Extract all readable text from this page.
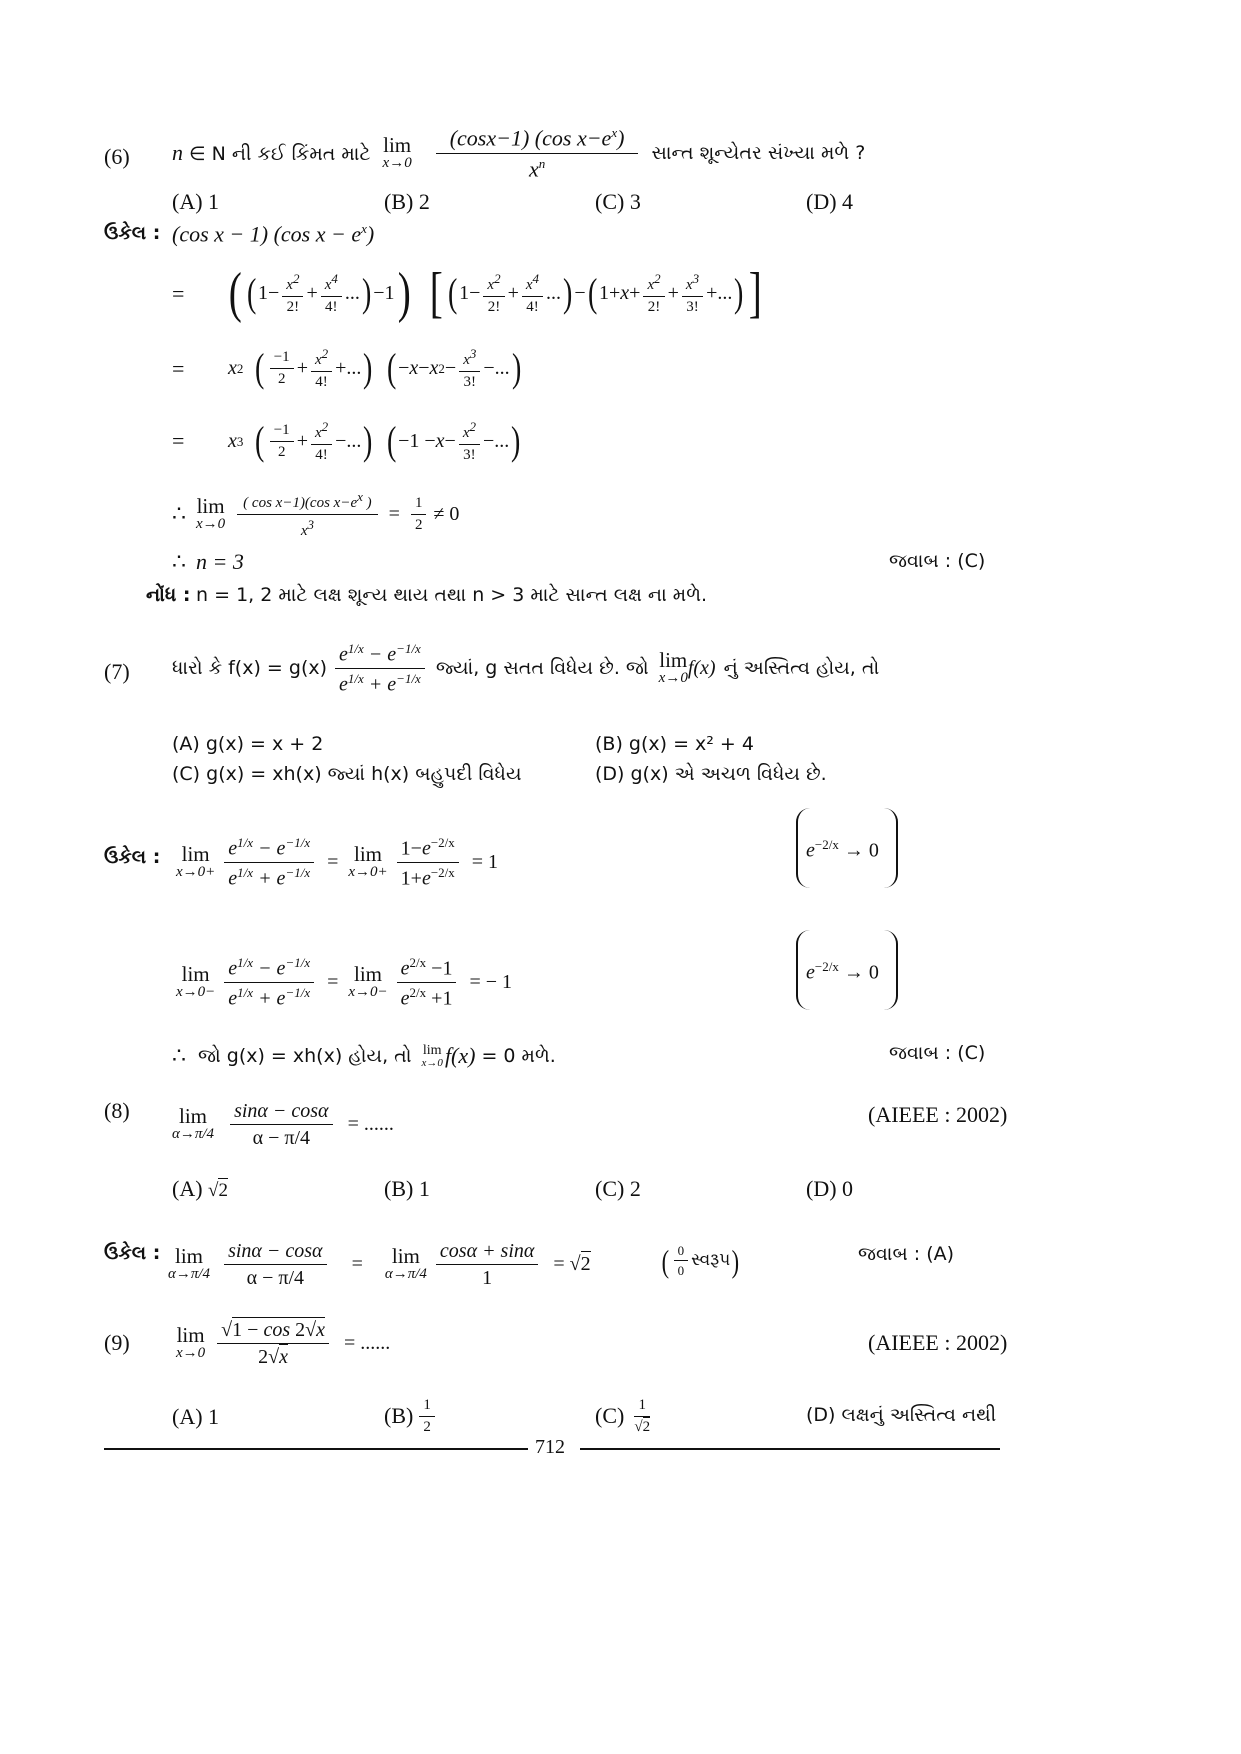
(6) n ∈ N ની કઈ કિંમત માટે lim
$x\to 0 \frac{(\cos x-1) (\cos x-e^x)}{x^n}$ સાન્ત શૂન્યેતર સંખ્યા મળે ?
(A) 1	(B) 2	(C) 3	(D) 4
ઉકેલ : (cos x − 1) (cos $x - e^x$)
= ( ( $1- \frac{x^2}{2!} + \frac{x^4}{4!}$ ... ) −1 ) [ ( $1- \frac{x^2}{2!} + \frac{x^4}{4!}$ ... ) − ( $1+ x + \frac{x^2}{2!} + \frac{x^3}{3!}$ +... ) ]
= x 2 ( $\frac{-1}{2} + \frac{x^2}{4!}$ +... ) ( − x − x $2 - \frac{x^3}{3!}$ −... )
= x 3 ( $\frac{-1}{2} + \frac{x^2}{4!}$ −... ) ( $-1 - x - \frac{x^2}{3!}$ −... )
∴ lim
$x\to 0 \frac{( \cos x-1)(\cos x-e^x )}{x^3} = \frac{1}{2} \ne 0$
∴ n = 3	જવાબ : (C)
નોંધ : n = 1, 2 માટે લક્ષ શૂન્ય થાય તથા n > 3 માટે સાન્ત લક્ષ ના મળે.
(7) ધારો કે $f(x) = g(x) \frac{e^{1/x} - e^{-1/x}}{e^{1/x} + e^{-1/x}}$ જ્યાં, g સતત વિધેય છે. જો lim
x→0 f(x) નું અસ્તિત્વ હોય, તો
(A) g(x) = x + 2	(B) g(x) = x² + 4
(C) g(x) = xh(x) જ્યાં h(x) બહુપદી વિધેય	(D) g(x) એ અચળ વિધેય છે.
ઉકેલ : lim
$x\to 0+ \frac{e^{1/x} - e^{-1/x}}{e^{1/x} + e^{-1/x}} = \lim$
$x\to 0+ \frac{1-e^{-2/x}}{1+e^{-2/x}} = 1$
$e^{-2/x} \to 0$
lim
$x\to 0- \frac{e^{1/x} - e^{-1/x}}{e^{1/x} + e^{-1/x}} = \lim$
$x\to 0- \frac{e^{2/x} -1}{e^{2/x} +1}$ = − 1	$e^{-2/x} \to 0$
∴ જો g(x) = xh(x) હોય, તો lim
x→0 f(x) = 0 મળે.	જવાબ : (C)
(8) lim
$\alpha\to\pi/4 \frac{\sin\alpha - \cos\alpha}{\alpha - \pi/4}$ = ......	(AIEEE : 2002)
(A) √2	(B) 1	(C) 2	(D) 0
ઉકેલ : lim
$\alpha\to\pi/4 \frac{\sin\alpha - \cos\alpha}{\alpha - \pi/4} = \lim$
$\alpha\to\pi/4 \frac{\cos\alpha + \sin\alpha}{1} = √2$ ( $\frac{0}{0}$ સ્વરૂપ )	જવાબ : (A)
(9) lim
$x\to 0 \frac{√1 - \cos 2√x}{2√x}$ = ......	(AIEEE : 2002)
(A) 1	$(B) \frac{1}{2}$	$(C) \frac{1}{√2}$	(D) લક્ષનું અસ્તિત્વ નથી
712
